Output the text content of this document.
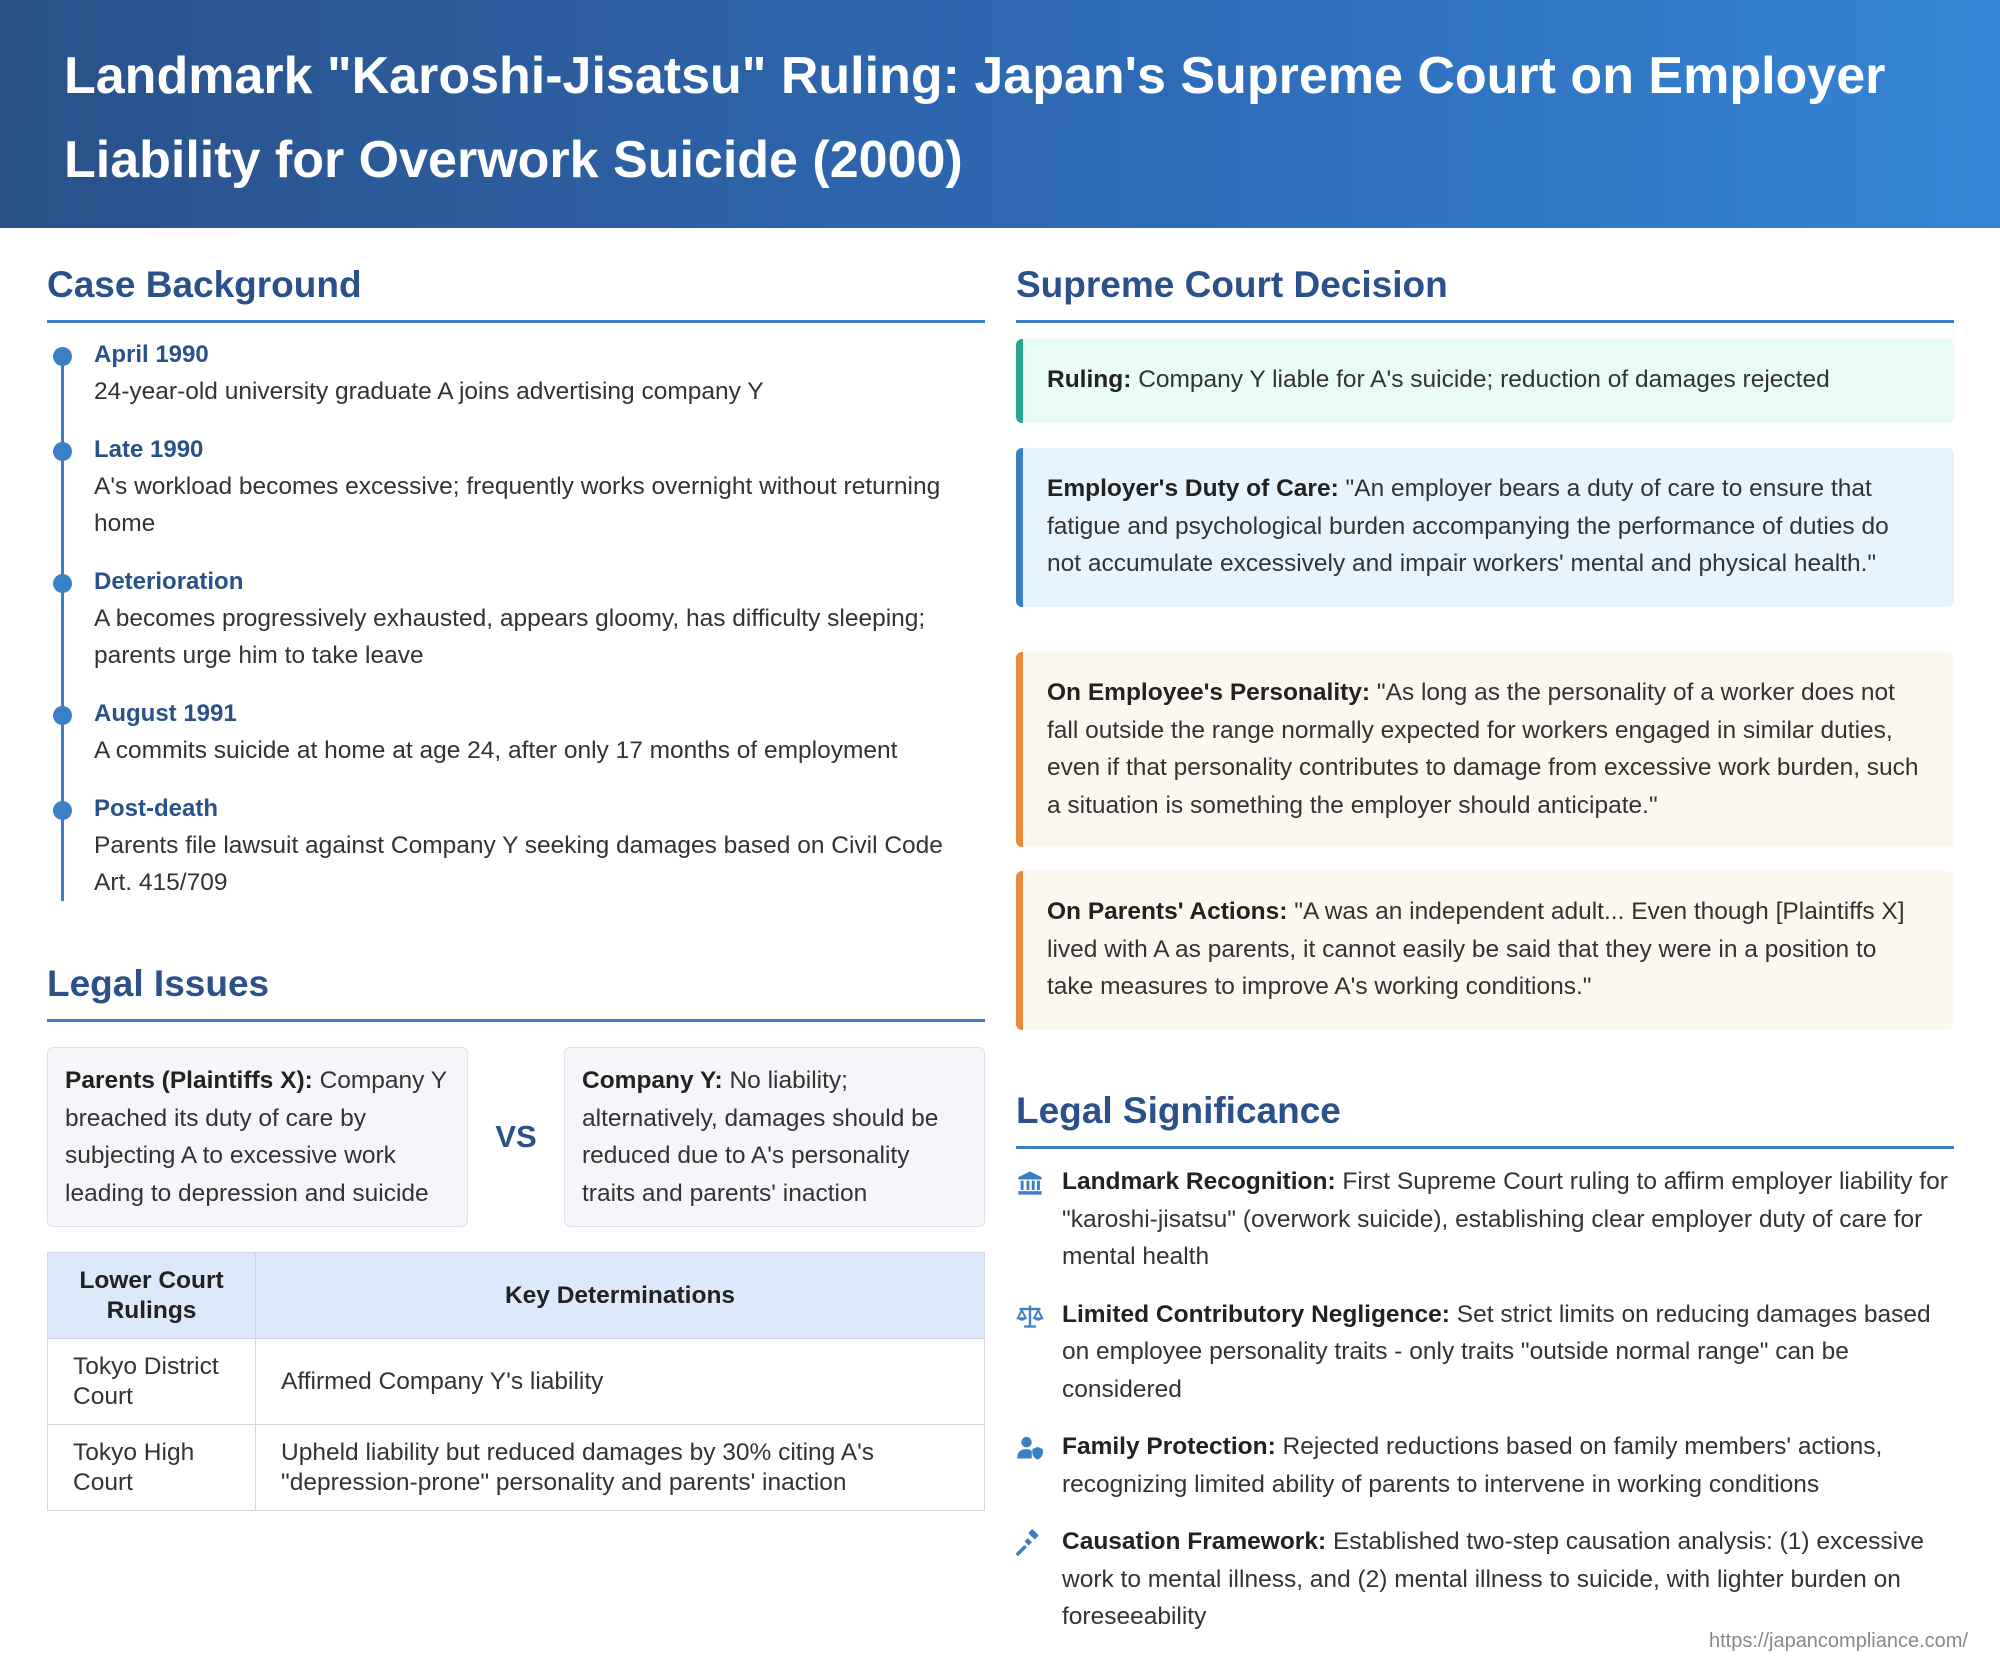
Landmark "Karoshi-Jisatsu" Ruling: Japan's Supreme Court on Employer Liability for Overwork Suicide (2000)
Case Background
April 1990
24-year-old university graduate A joins advertising company Y
Late 1990
A's workload becomes excessive; frequently works overnight without returning home
Deterioration
A becomes progressively exhausted, appears gloomy, has difficulty sleeping; parents urge him to take leave
August 1991
A commits suicide at home at age 24, after only 17 months of employment
Post-death
Parents file lawsuit against Company Y seeking damages based on Civil Code Art. 415/709
Legal Issues
Parents (Plaintiffs X): Company Y breached its duty of care by subjecting A to excessive work leading to depression and suicide
VS
Company Y: No liability; alternatively, damages should be reduced due to A's personality traits and parents' inaction
Lower Court Rulings	Key Determinations
Tokyo District Court	Affirmed Company Y's liability
Tokyo High Court	Upheld liability but reduced damages by 30% citing A's "depression-prone" personality and parents' inaction
Supreme Court Decision
Ruling: Company Y liable for A's suicide; reduction of damages rejected
Employer's Duty of Care: "An employer bears a duty of care to ensure that fatigue and psychological burden accompanying the performance of duties do not accumulate excessively and impair workers' mental and physical health."
On Employee's Personality: "As long as the personality of a worker does not fall outside the range normally expected for workers engaged in similar duties, even if that personality contributes to damage from excessive work burden, such a situation is something the employer should anticipate."
On Parents' Actions: "A was an independent adult... Even though [Plaintiffs X] lived with A as parents, it cannot easily be said that they were in a position to take measures to improve A's working conditions."
Legal Significance
Landmark Recognition: First Supreme Court ruling to affirm employer liability for "karoshi-jisatsu" (overwork suicide), establishing clear employer duty of care for mental health
Limited Contributory Negligence: Set strict limits on reducing damages based on employee personality traits - only traits "outside normal range" can be considered
Family Protection: Rejected reductions based on family members' actions, recognizing limited ability of parents to intervene in working conditions
Causation Framework: Established two-step causation analysis: (1) excessive work to mental illness, and (2) mental illness to suicide, with lighter burden on foreseeability
https://japancompliance.com/
